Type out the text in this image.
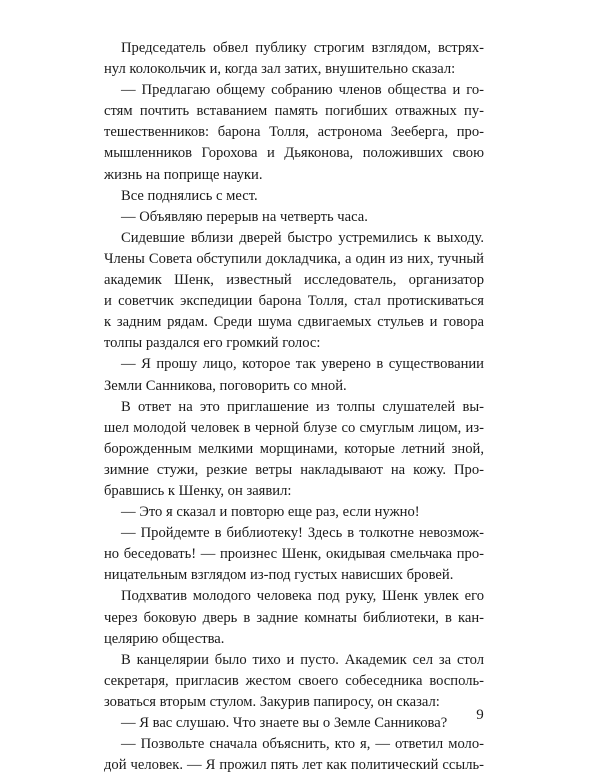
Председатель обвел публику строгим взглядом, встрях-
нул колокольчик и, когда зал затих, внушительно сказал:
— Предлагаю общему собранию членов общества и го-
стям почтить вставанием память погибших отважных пу-
тешественников: барона Толля, астронома Зееберга, про-
мышленников Горохова и Дьяконова, положивших свою
жизнь на поприще науки.
Все поднялись с мест.
— Объявляю перерыв на четверть часа.
Сидевшие вблизи дверей быстро устремились к выходу.
Члены Совета обступили докладчика, а один из них, тучный
академик Шенк, известный исследователь, организатор
и советчик экспедиции барона Толля, стал протискиваться
к задним рядам. Среди шума сдвигаемых стульев и говора
толпы раздался его громкий голос:
— Я прошу лицо, которое так уверено в существовании
Земли Санникова, поговорить со мной.
В ответ на это приглашение из толпы слушателей вы-
шел молодой человек в черной блузе со смуглым лицом, из-
борожденным мелкими морщинами, которые летний зной,
зимние стужи, резкие ветры накладывают на кожу. Про-
бравшись к Шенку, он заявил:
— Это я сказал и повторю еще раз, если нужно!
— Пройдемте в библиотеку! Здесь в толкотне невозмож-
но беседовать! — произнес Шенк, окидывая смельчака про-
ницательным взглядом из-под густых нависших бровей.
Подхватив молодого человека под руку, Шенк увлек его
через боковую дверь в задние комнаты библиотеки, в кан-
целярию общества.
В канцелярии было тихо и пусто. Академик сел за стол
секретаря, пригласив жестом своего собеседника восполь-
зоваться вторым стулом. Закурив папиросу, он сказал:
— Я вас слушаю. Что знаете вы о Земле Санникова?
— Позвольте сначала объяснить, кто я, — ответил моло-
дой человек. — Я прожил пять лет как политический ссыль-
9
